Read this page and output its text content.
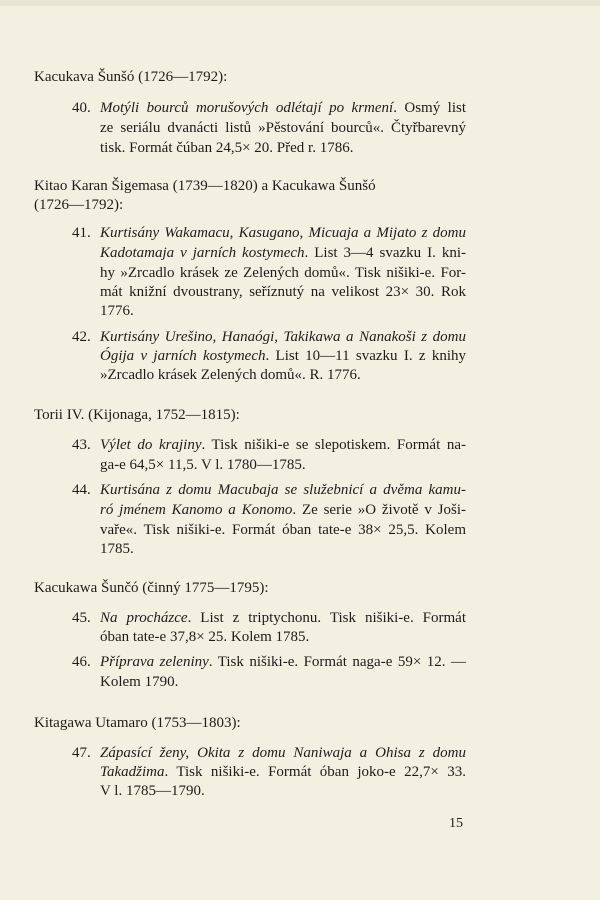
Kacukava Šunšó (1726—1792):
40. Motýli bourců morušových odlétají po krmení. Osmý list
ze seriálu dvanácti listů »Pěstování bourců«. Čtyřbarevný
tisk. Formát čúban 24,5× 20. Před r. 1786.
Kitao Karan Šigemasa (1739—1820) a Kacukawa Šunšó
(1726—1792):
41. Kurtisány Wakamacu, Kasugano, Micuaja a Mijato z domu
Kadotamaja v jarních kostymech. List 3—4 svazku I. kni-
hy »Zrcadlo krásek ze Zelených domů«. Tisk nišiki-e. For-
mát knižní dvoustrany, seříznutý na velikost 23× 30. Rok
1776.
42. Kurtisány Urešino, Hanaógi, Takikawa a Nanakoši z domu
Ógija v jarních kostymech. List 10—11 svazku I. z knihy
»Zrcadlo krásek Zelených domů«. R. 1776.
Torii IV. (Kijonaga, 1752—1815):
43. Výlet do krajiny. Tisk nišiki-e se slepotiskem. Formát na-
ga-e 64,5× 11,5. V l. 1780—1785.
44. Kurtisána z domu Macubaja se služebnicí a dvěma kamu-
ró jménem Kanomo a Konomo. Ze serie »O životě v Joši-
vaře«. Tisk nišiki-e. Formát óban tate-e 38× 25,5. Kolem
1785.
Kacukawa Šunčó (činný 1775—1795):
45. Na procházce. List z triptychonu. Tisk nišiki-e. Formát
óban tate-e 37,8× 25. Kolem 1785.
46. Příprava zeleniny. Tisk nišiki-e. Formát naga-e 59× 12. —
Kolem 1790.
Kitagawa Utamaro (1753—1803):
47. Zápasící ženy, Okita z domu Naniwaja a Ohisa z domu
Takadžima. Tisk nišiki-e. Formát óban joko-e 22,7× 33.
V l. 1785—1790.
15
